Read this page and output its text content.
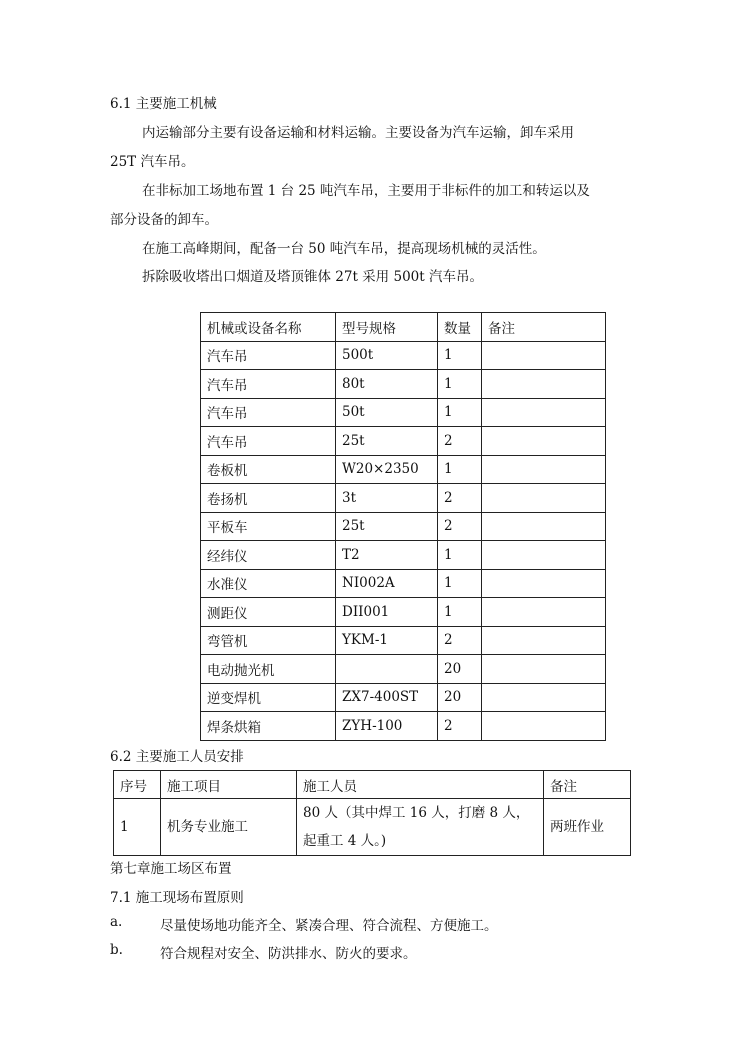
6.1 主要施工机械
内运输部分主要有设备运输和材料运输。主要设备为汽车运输，卸车采用
25T 汽车吊。
在非标加工场地布置 1 台 25 吨汽车吊，主要用于非标件的加工和转运以及
部分设备的卸车。
在施工高峰期间，配备一台 50 吨汽车吊，提高现场机械的灵活性。
拆除吸收塔出口烟道及塔顶锥体 27t 采用 500t 汽车吊。
机械或设备名称	型号规格	数量	备注
汽车吊	500t	1	
汽车吊	80t	1	
汽车吊	50t	1	
汽车吊	25t	2	
卷板机	W20×2350	1	
卷扬机	3t	2	
平板车	25t	2	
经纬仪	T2	1	
水准仪	NI002A	1	
测距仪	DII001	1	
弯管机	YKM-1	2	
电动抛光机		20	
逆变焊机	ZX7-400ST	20	
焊条烘箱	ZYH-100	2	
6.2 主要施工人员安排
序号	施工项目	施工人员	备注
1	机务专业施工	80 人（其中焊工 16 人，打磨 8 人，
起重工 4 人。)	两班作业
第七章施工场区布置
7.1 施工现场布置原则
a.	尽量使场地功能齐全、紧凑合理、符合流程、方便施工。
b.	符合规程对安全、防洪排水、防火的要求。
